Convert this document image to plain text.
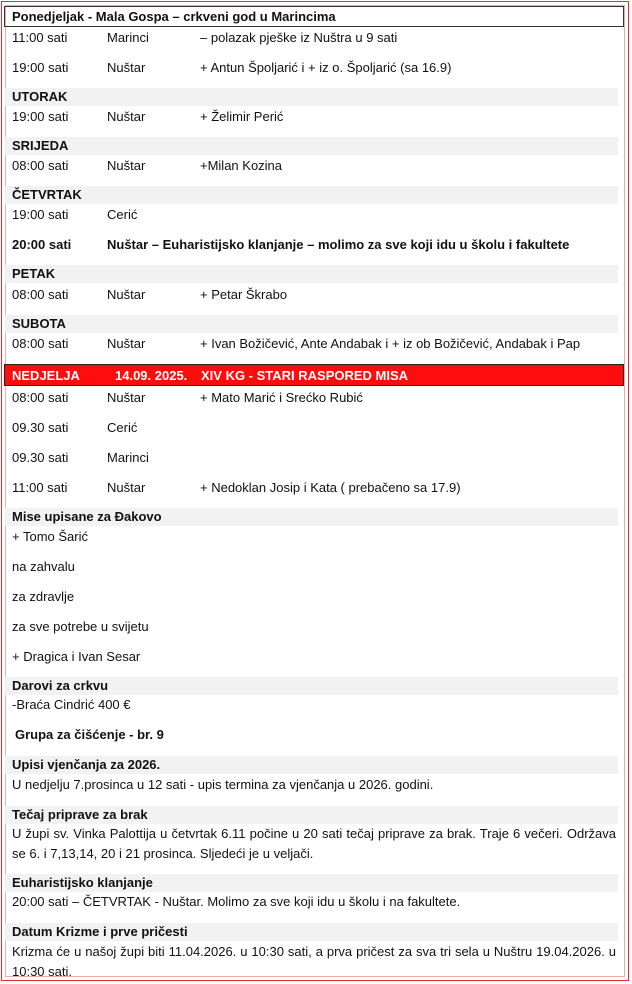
Ponedjeljak - Mala Gospa – crkveni god u Marincima
11:00 sati	Marinci	– polazak pješke iz Nuštra u 9 sati
19:00 sati	Nuštar	+ Antun Špoljarić i + iz o. Špoljarić (sa 16.9)
UTORAK
19:00 sati	Nuštar	+ Želimir Perić
SRIJEDA
08:00 sati	Nuštar	+Milan Kozina
ČETVRTAK
19:00 sati	Cerić
20:00 sati	Nuštar – Euharistijsko klanjanje – molimo za sve koji idu u školu i fakultete
PETAK
08:00 sati	Nuštar	+ Petar Škrabo
SUBOTA
08:00 sati	Nuštar	+ Ivan Božičević, Ante Andabak i + iz ob Božičević, Andabak i Pap
NEDJELJA	14.09. 2025. XIV KG - STARI RASPORED MISA
08:00 sati	Nuštar	+ Mato Marić i Srećko Rubić
09.30 sati	Cerić
09.30 sati	Marinci
11:00 sati	Nuštar	+ Nedoklan Josip i Kata ( prebačeno sa 17.9)
Mise upisane za Đakovo
+ Tomo Šarić
na zahvalu
za zdravlje
za sve potrebe u svijetu
+ Dragica i Ivan Sesar
Darovi za crkvu
-Braća Cindrić 400 €
Grupa za čišćenje - br. 9
Upisi vjenčanja za 2026.
U nedjelju 7.prosinca u 12 sati - upis termina za vjenčanja u 2026. godini.
Tečaj priprave za brak
U župi sv. Vinka Palottija u četvrtak 6.11 počine u 20 sati tečaj priprave za brak. Traje 6 večeri. Održava se 6. i 7,13,14, 20 i 21 prosinca. Sljedeći je u veljači.
Euharistijsko klanjanje
20:00 sati – ČETVRTAK - Nuštar. Molimo za sve koji idu u školu i na fakultete.
Datum Krizme i prve pričesti
Krizma će u našoj župi biti 11.04.2026. u 10:30 sati, a prva pričest za sva tri sela u Nuštru 19.04.2026. u 10:30 sati.
